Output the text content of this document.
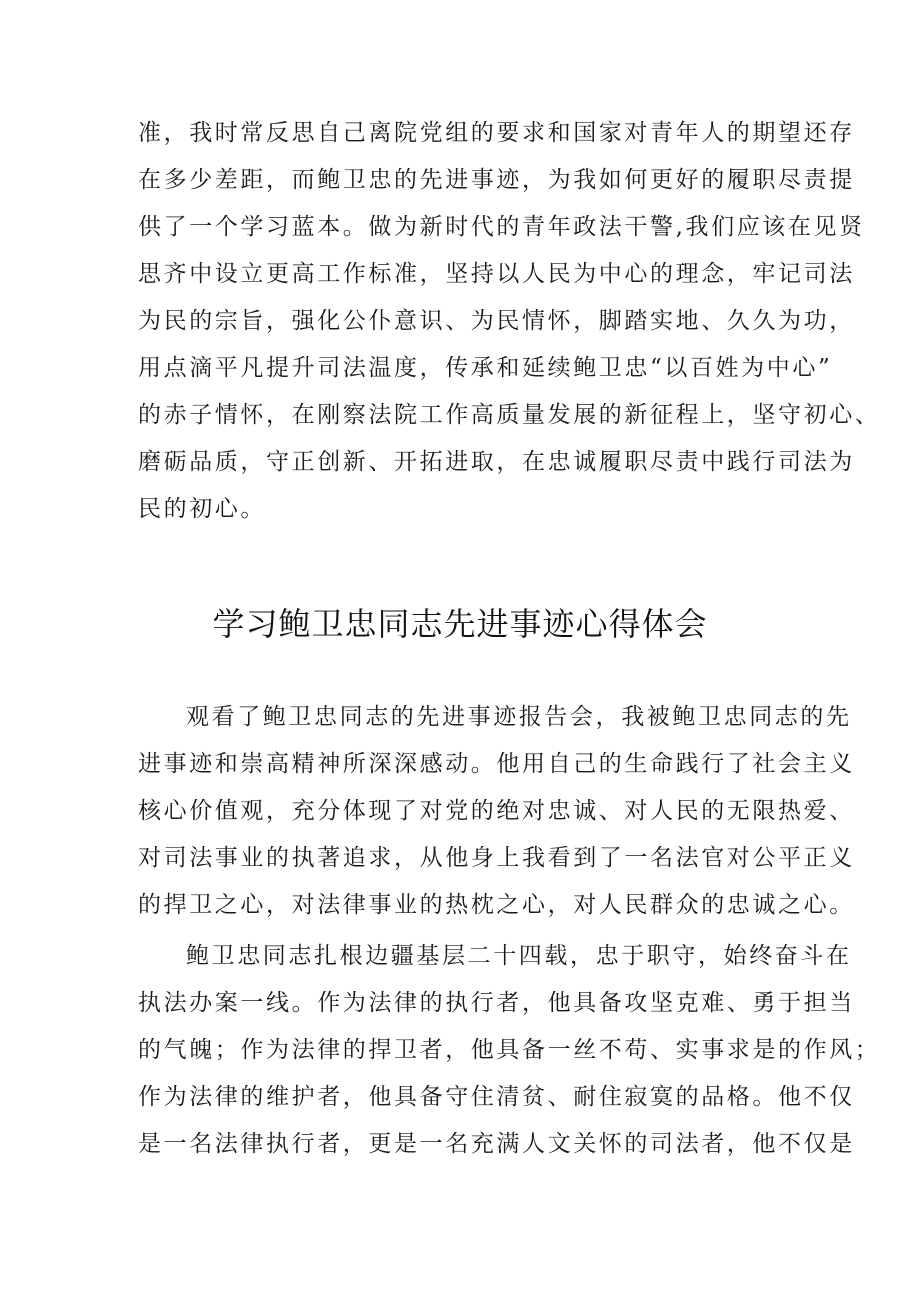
准，我时常反思自己离院党组的要求和国家对青年人的期望还存
在多少差距，而鲍卫忠的先进事迹，为我如何更好的履职尽责提
供了一个学习蓝本。做为新时代的青年政法干警,我们应该在见贤
思齐中设立更高工作标准，坚持以人民为中心的理念，牢记司法
为民的宗旨，强化公仆意识、为民情怀，脚踏实地、久久为功，
用点滴平凡提升司法温度，传承和延续鲍卫忠“以百姓为中心”
的赤子情怀，在刚察法院工作高质量发展的新征程上，坚守初心、
磨砺品质，守正创新、开拓进取，在忠诚履职尽责中践行司法为
民的初心。
学习鲍卫忠同志先进事迹心得体会
观看了鲍卫忠同志的先进事迹报告会，我被鲍卫忠同志的先
进事迹和崇高精神所深深感动。他用自己的生命践行了社会主义
核心价值观，充分体现了对党的绝对忠诚、对人民的无限热爱、
对司法事业的执著追求，从他身上我看到了一名法官对公平正义
的捍卫之心，对法律事业的热枕之心，对人民群众的忠诚之心。
鲍卫忠同志扎根边疆基层二十四载，忠于职守，始终奋斗在
执法办案一线。作为法律的执行者，他具备攻坚克难、勇于担当
的气魄；作为法律的捍卫者，他具备一丝不苟、实事求是的作风；
作为法律的维护者，他具备守住清贫、耐住寂寞的品格。他不仅
是一名法律执行者，更是一名充满人文关怀的司法者，他不仅是
